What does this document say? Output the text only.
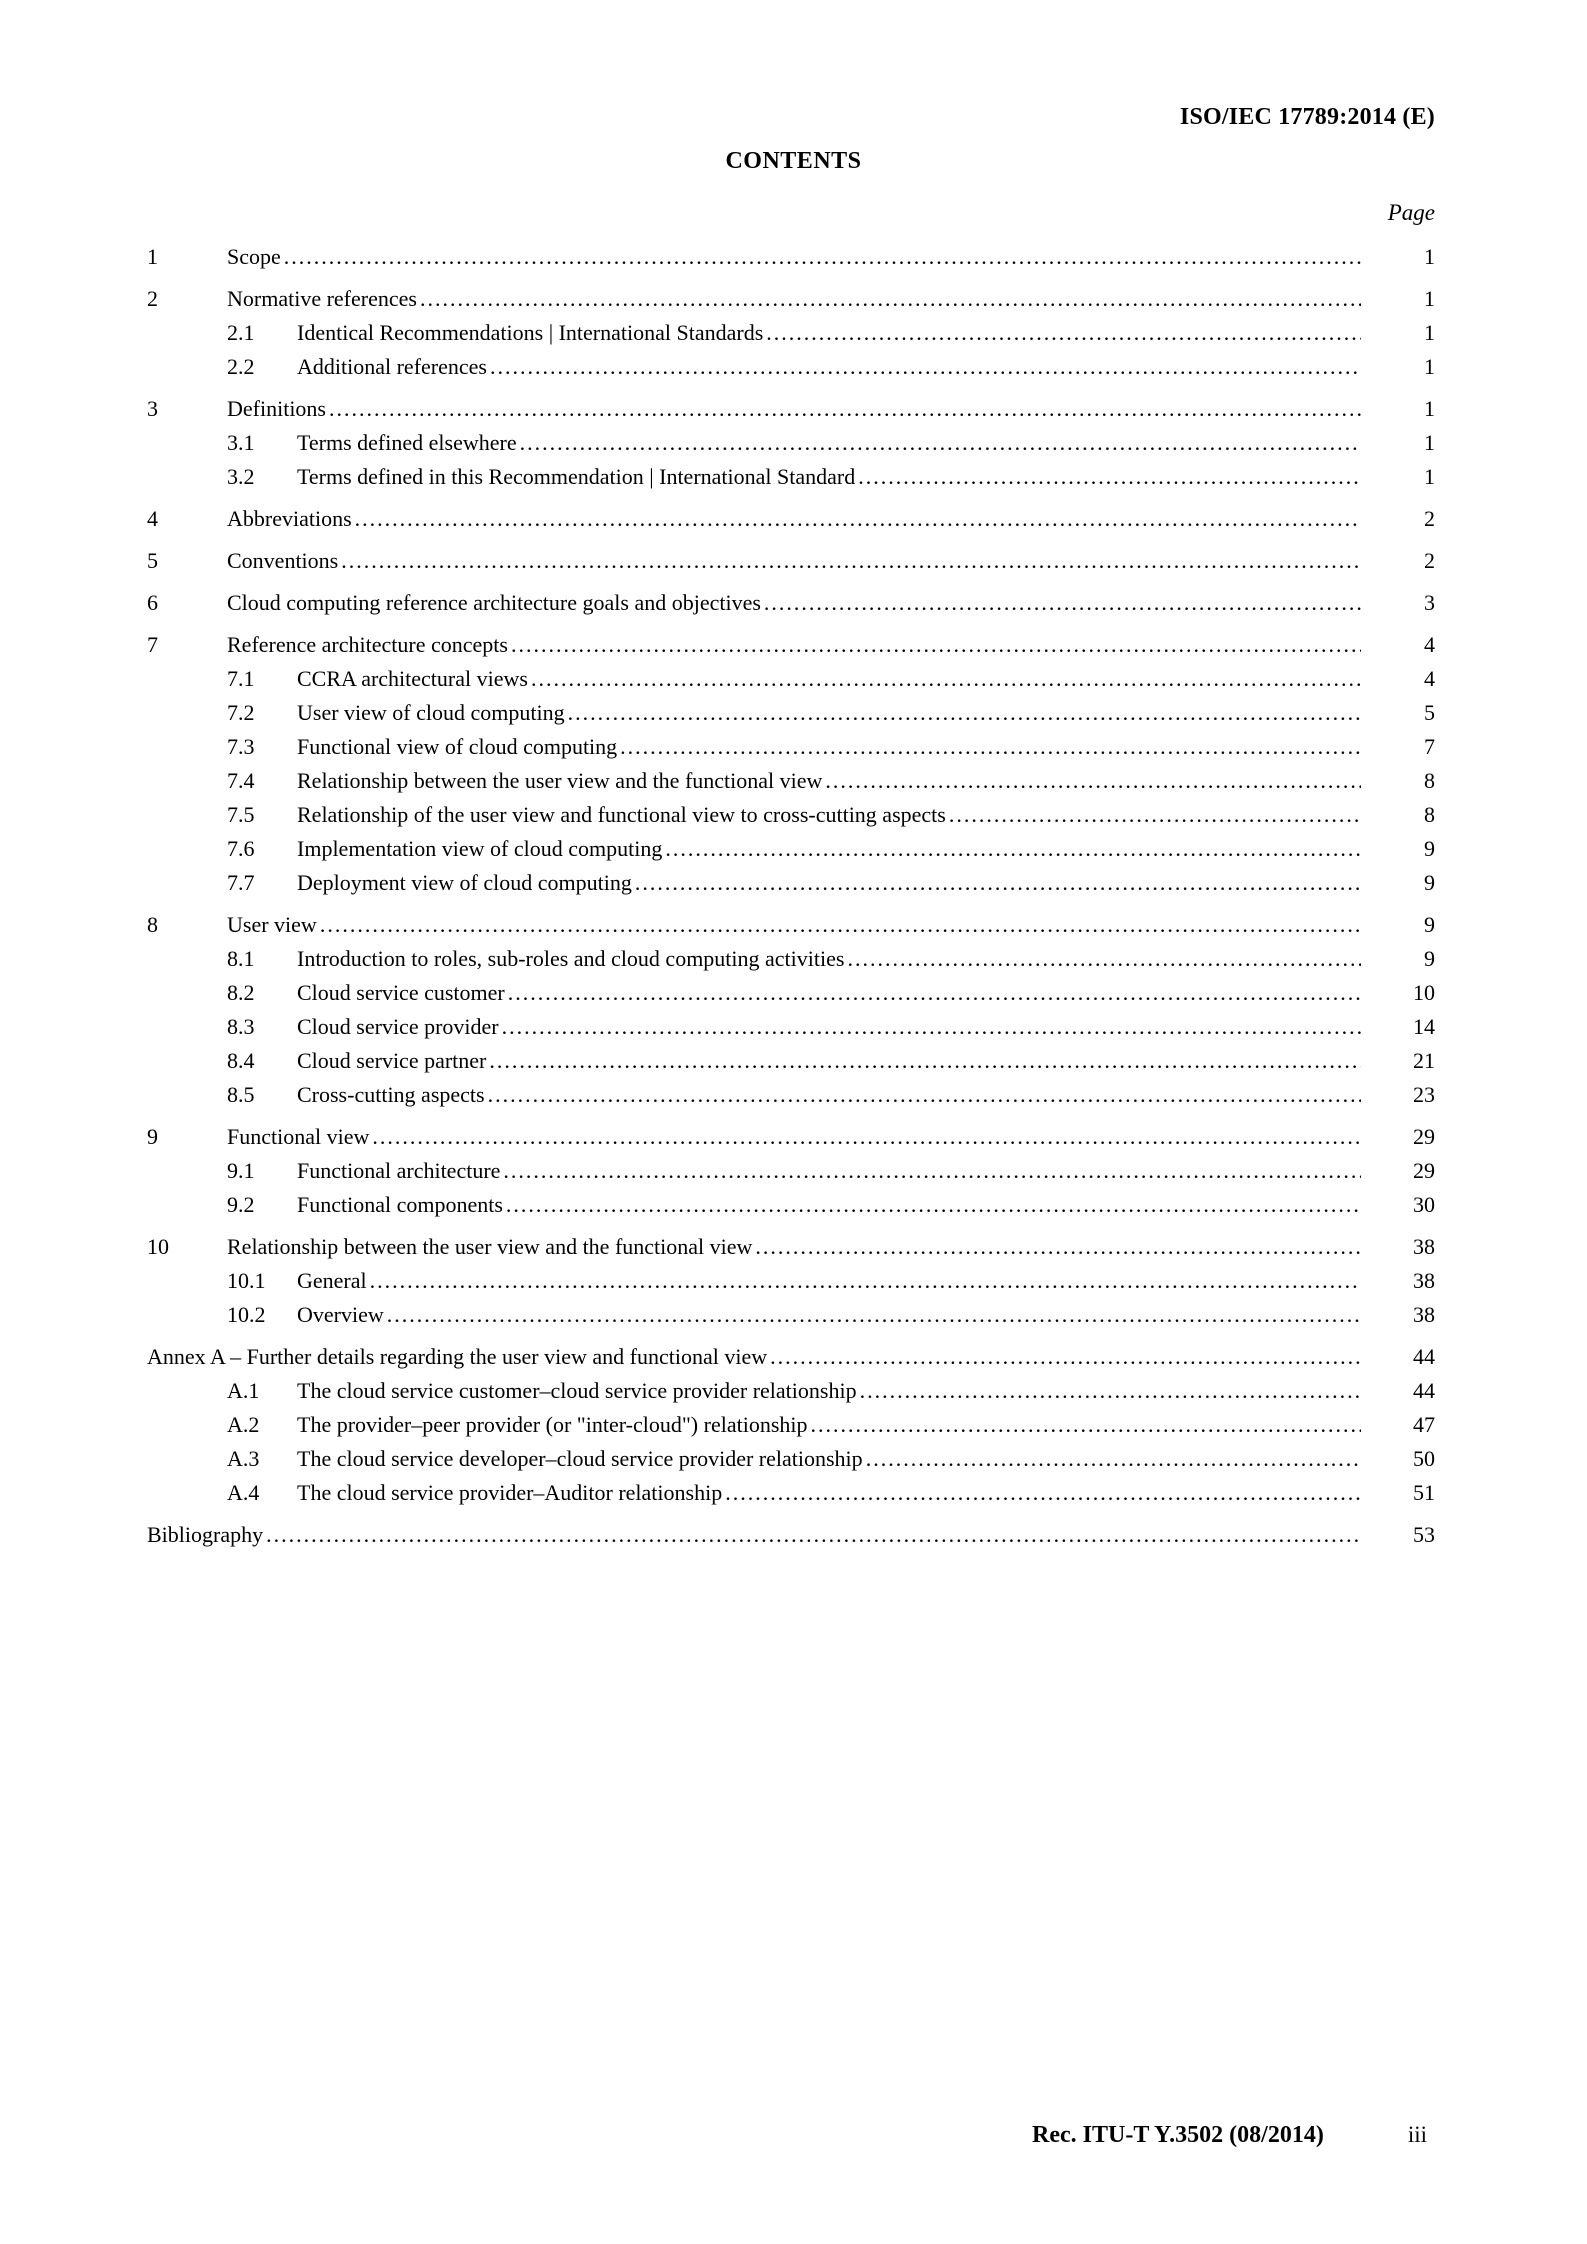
ISO/IEC 17789:2014 (E)
CONTENTS
Page
1	Scope .....	1
2	Normative references .....	1
2.1	Identical Recommendations | International Standards .....	1
2.2	Additional references .....	1
3	Definitions .....	1
3.1	Terms defined elsewhere .....	1
3.2	Terms defined in this Recommendation | International Standard .....	1
4	Abbreviations .....	2
5	Conventions .....	2
6	Cloud computing reference architecture goals and objectives .....	3
7	Reference architecture concepts .....	4
7.1	CCRA architectural views .....	4
7.2	User view of cloud computing .....	5
7.3	Functional view of cloud computing .....	7
7.4	Relationship between the user view and the functional view .....	8
7.5	Relationship of the user view and functional view to cross-cutting aspects .....	8
7.6	Implementation view of cloud computing .....	9
7.7	Deployment view of cloud computing .....	9
8	User view .....	9
8.1	Introduction to roles, sub-roles and cloud computing activities .....	9
8.2	Cloud service customer .....	10
8.3	Cloud service provider .....	14
8.4	Cloud service partner .....	21
8.5	Cross-cutting aspects .....	23
9	Functional view .....	29
9.1	Functional architecture .....	29
9.2	Functional components .....	30
10	Relationship between the user view and the functional view .....	38
10.1	General .....	38
10.2	Overview .....	38
Annex A – Further details regarding the user view and functional view .....	44
A.1	The cloud service customer–cloud service provider relationship .....	44
A.2	The provider–peer provider (or "inter-cloud") relationship .....	47
A.3	The cloud service developer–cloud service provider relationship .....	50
A.4	The cloud service provider–Auditor relationship .....	51
Bibliography .....	53
Rec. ITU-T Y.3502 (08/2014)	iii
